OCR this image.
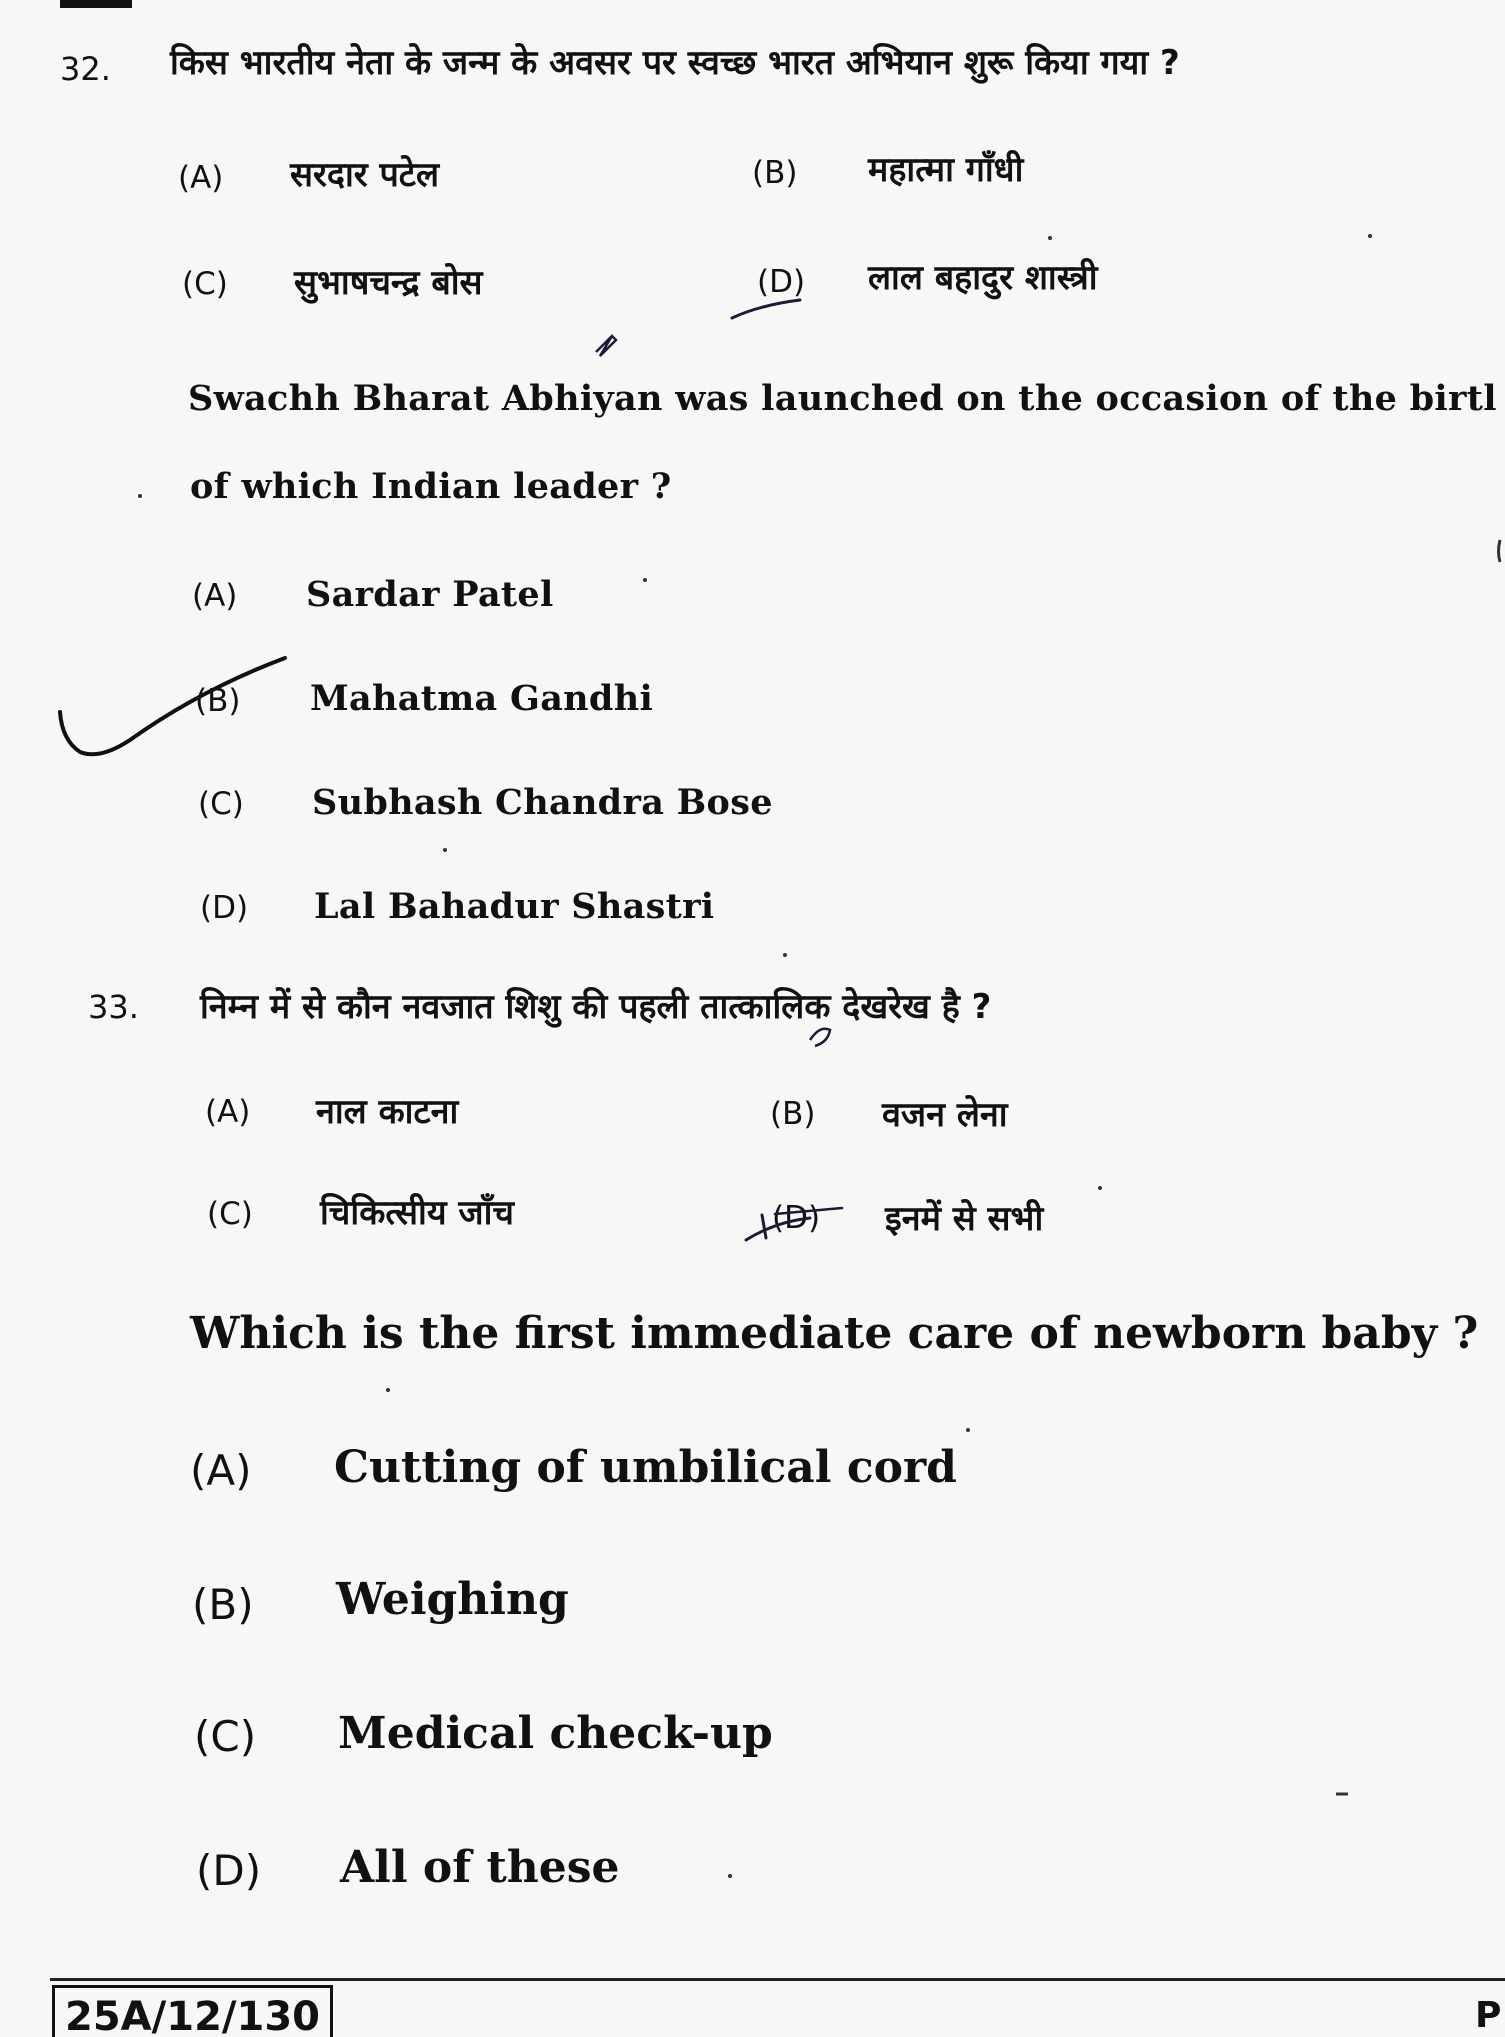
32. किस भारतीय नेता के जन्म के अवसर पर स्वच्छ भारत अभियान शुरू किया गया ?
(A) सरदार पटेल	(B) महात्मा गाँधी
(C) सुभाषचन्द्र बोस	(D) लाल बहादुर शास्त्री
Swachh Bharat Abhiyan was launched on the occasion of the birtl
of which Indian leader ?
(A) Sardar Patel
(B) Mahatma Gandhi
(C) Subhash Chandra Bose
(D) Lal Bahadur Shastri
33. निम्न में से कौन नवजात शिशु की पहली तात्कालिक देखरेख है ?
(A) नाल काटना	(B) वजन लेना
(C) चिकित्सीय जाँच	(D) इनमें से सभी
Which is the first immediate care of newborn baby ?
(A) Cutting of umbilical cord
(B) Weighing
(C) Medical check-up
(D) All of these
25A/12/130	P
